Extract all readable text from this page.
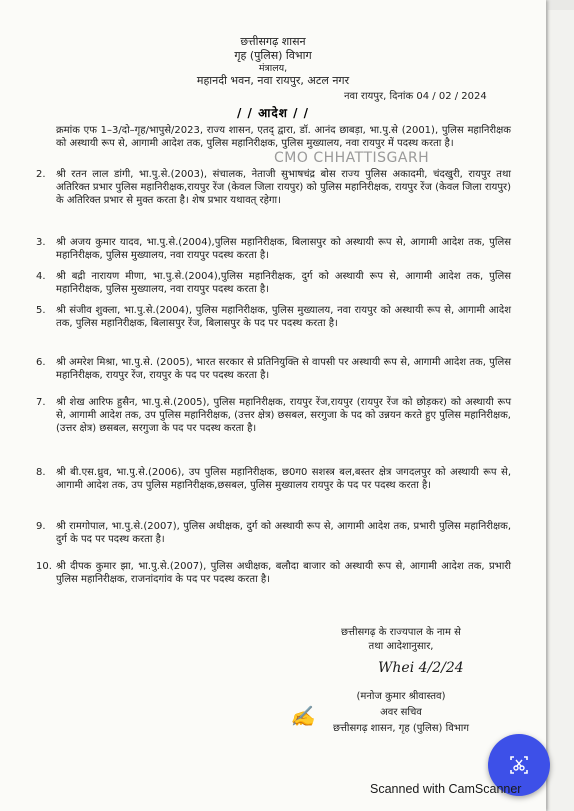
छत्तीसगढ़ शासन
गृह (पुलिस) विभाग
मंत्रालय,
महानदी भवन, नवा रायपुर, अटल नगर
नवा रायपुर, दिनांक 04 / 02 / 2024
/ / आदेश / /
CMO CHHATTISGARH
क्रमांक एफ 1–3/दो–गृह/भापुसे/2023, राज्य शासन, एतद् द्वारा, डॉ. आनंद छाबड़ा, भा.पु.से (2001), पुलिस महानिरीक्षक को अस्थायी रूप से, आगामी आदेश तक, पुलिस महानिरीक्षक, पुलिस मुख्यालय, नवा रायपुर में पदस्थ करता है।
2. श्री रतन लाल डांगी, भा.पु.से.(2003), संचालक, नेताजी सुभाषचंद्र बोस राज्य पुलिस अकादमी, चंदखुरी, रायपुर तथा अतिरिक्त प्रभार पुलिस महानिरीक्षक,रायपुर रेंज (केवल जिला रायपुर) को पुलिस महानिरीक्षक, रायपुर रेंज (केवल जिला रायपुर) के अतिरिक्त प्रभार से मुक्त करता है। शेष प्रभार यथावत् रहेगा।
3. श्री अजय कुमार यादव, भा.पु.से.(2004),पुलिस महानिरीक्षक, बिलासपुर को अस्थायी रूप से, आगामी आदेश तक, पुलिस महानिरीक्षक, पुलिस मुख्यालय, नवा रायपुर पदस्थ करता है।
4. श्री बद्री नारायण मीणा, भा.पु.से.(2004),पुलिस महानिरीक्षक, दुर्ग को अस्थायी रूप से, आगामी आदेश तक, पुलिस महानिरीक्षक, पुलिस मुख्यालय, नवा रायपुर पदस्थ करता है।
5. श्री संजीव शुक्ला, भा.पु.से.(2004), पुलिस महानिरीक्षक, पुलिस मुख्यालय, नवा रायपुर को अस्थायी रूप से, आगामी आदेश तक, पुलिस महानिरीक्षक, बिलासपुर रेंज, बिलासपुर के पद पर पदस्थ करता है।
6. श्री अमरेश मिश्रा, भा.पु.से. (2005), भारत सरकार से प्रतिनियुक्ति से वापसी पर अस्थायी रूप से, आगामी आदेश तक, पुलिस महानिरीक्षक, रायपुर रेंज, रायपुर के पद पर पदस्थ करता है।
7. श्री शेख आरिफ हुसैन, भा.पु.से.(2005), पुलिस महानिरीक्षक, रायपुर रेंज,रायपुर (रायपुर रेंज को छोड़कर) को अस्थायी रूप से, आगामी आदेश तक, उप पुलिस महानिरीक्षक, (उत्तर क्षेत्र) छसबल, सरगुजा के पद को उन्नयन करते हुए पुलिस महानिरीक्षक, (उत्तर क्षेत्र) छसबल, सरगुजा के पद पर पदस्थ करता है।
8. श्री बी.एस.ध्रुव, भा.पु.से.(2006), उप पुलिस महानिरीक्षक, छ0ग0 सशस्त्र बल,बस्तर क्षेत्र जगदलपुर को अस्थायी रूप से, आगामी आदेश तक, उप पुलिस महानिरीक्षक,छसबल, पुलिस मुख्यालय रायपुर के पद पर पदस्थ करता है।
9. श्री रामगोपाल, भा.पु.से.(2007), पुलिस अधीक्षक, दुर्ग को अस्थायी रूप से, आगामी आदेश तक, प्रभारी पुलिस महानिरीक्षक, दुर्ग के पद पर पदस्थ करता है।
10. श्री दीपक कुमार झा, भा.पु.से.(2007), पुलिस अधीक्षक, बलौदा बाजार को अस्थायी रूप से, आगामी आदेश तक, प्रभारी पुलिस महानिरीक्षक, राजनांदगांव के पद पर पदस्थ करता है।
छत्तीसगढ़ के राज्यपाल के नाम से
तथा आदेशानुसार,
Whei 4/2/24
✍
(मनोज कुमार श्रीवास्तव)
अवर सचिव
छत्तीसगढ़ शासन, गृह (पुलिस) विभाग
Scanned with CamScanner
